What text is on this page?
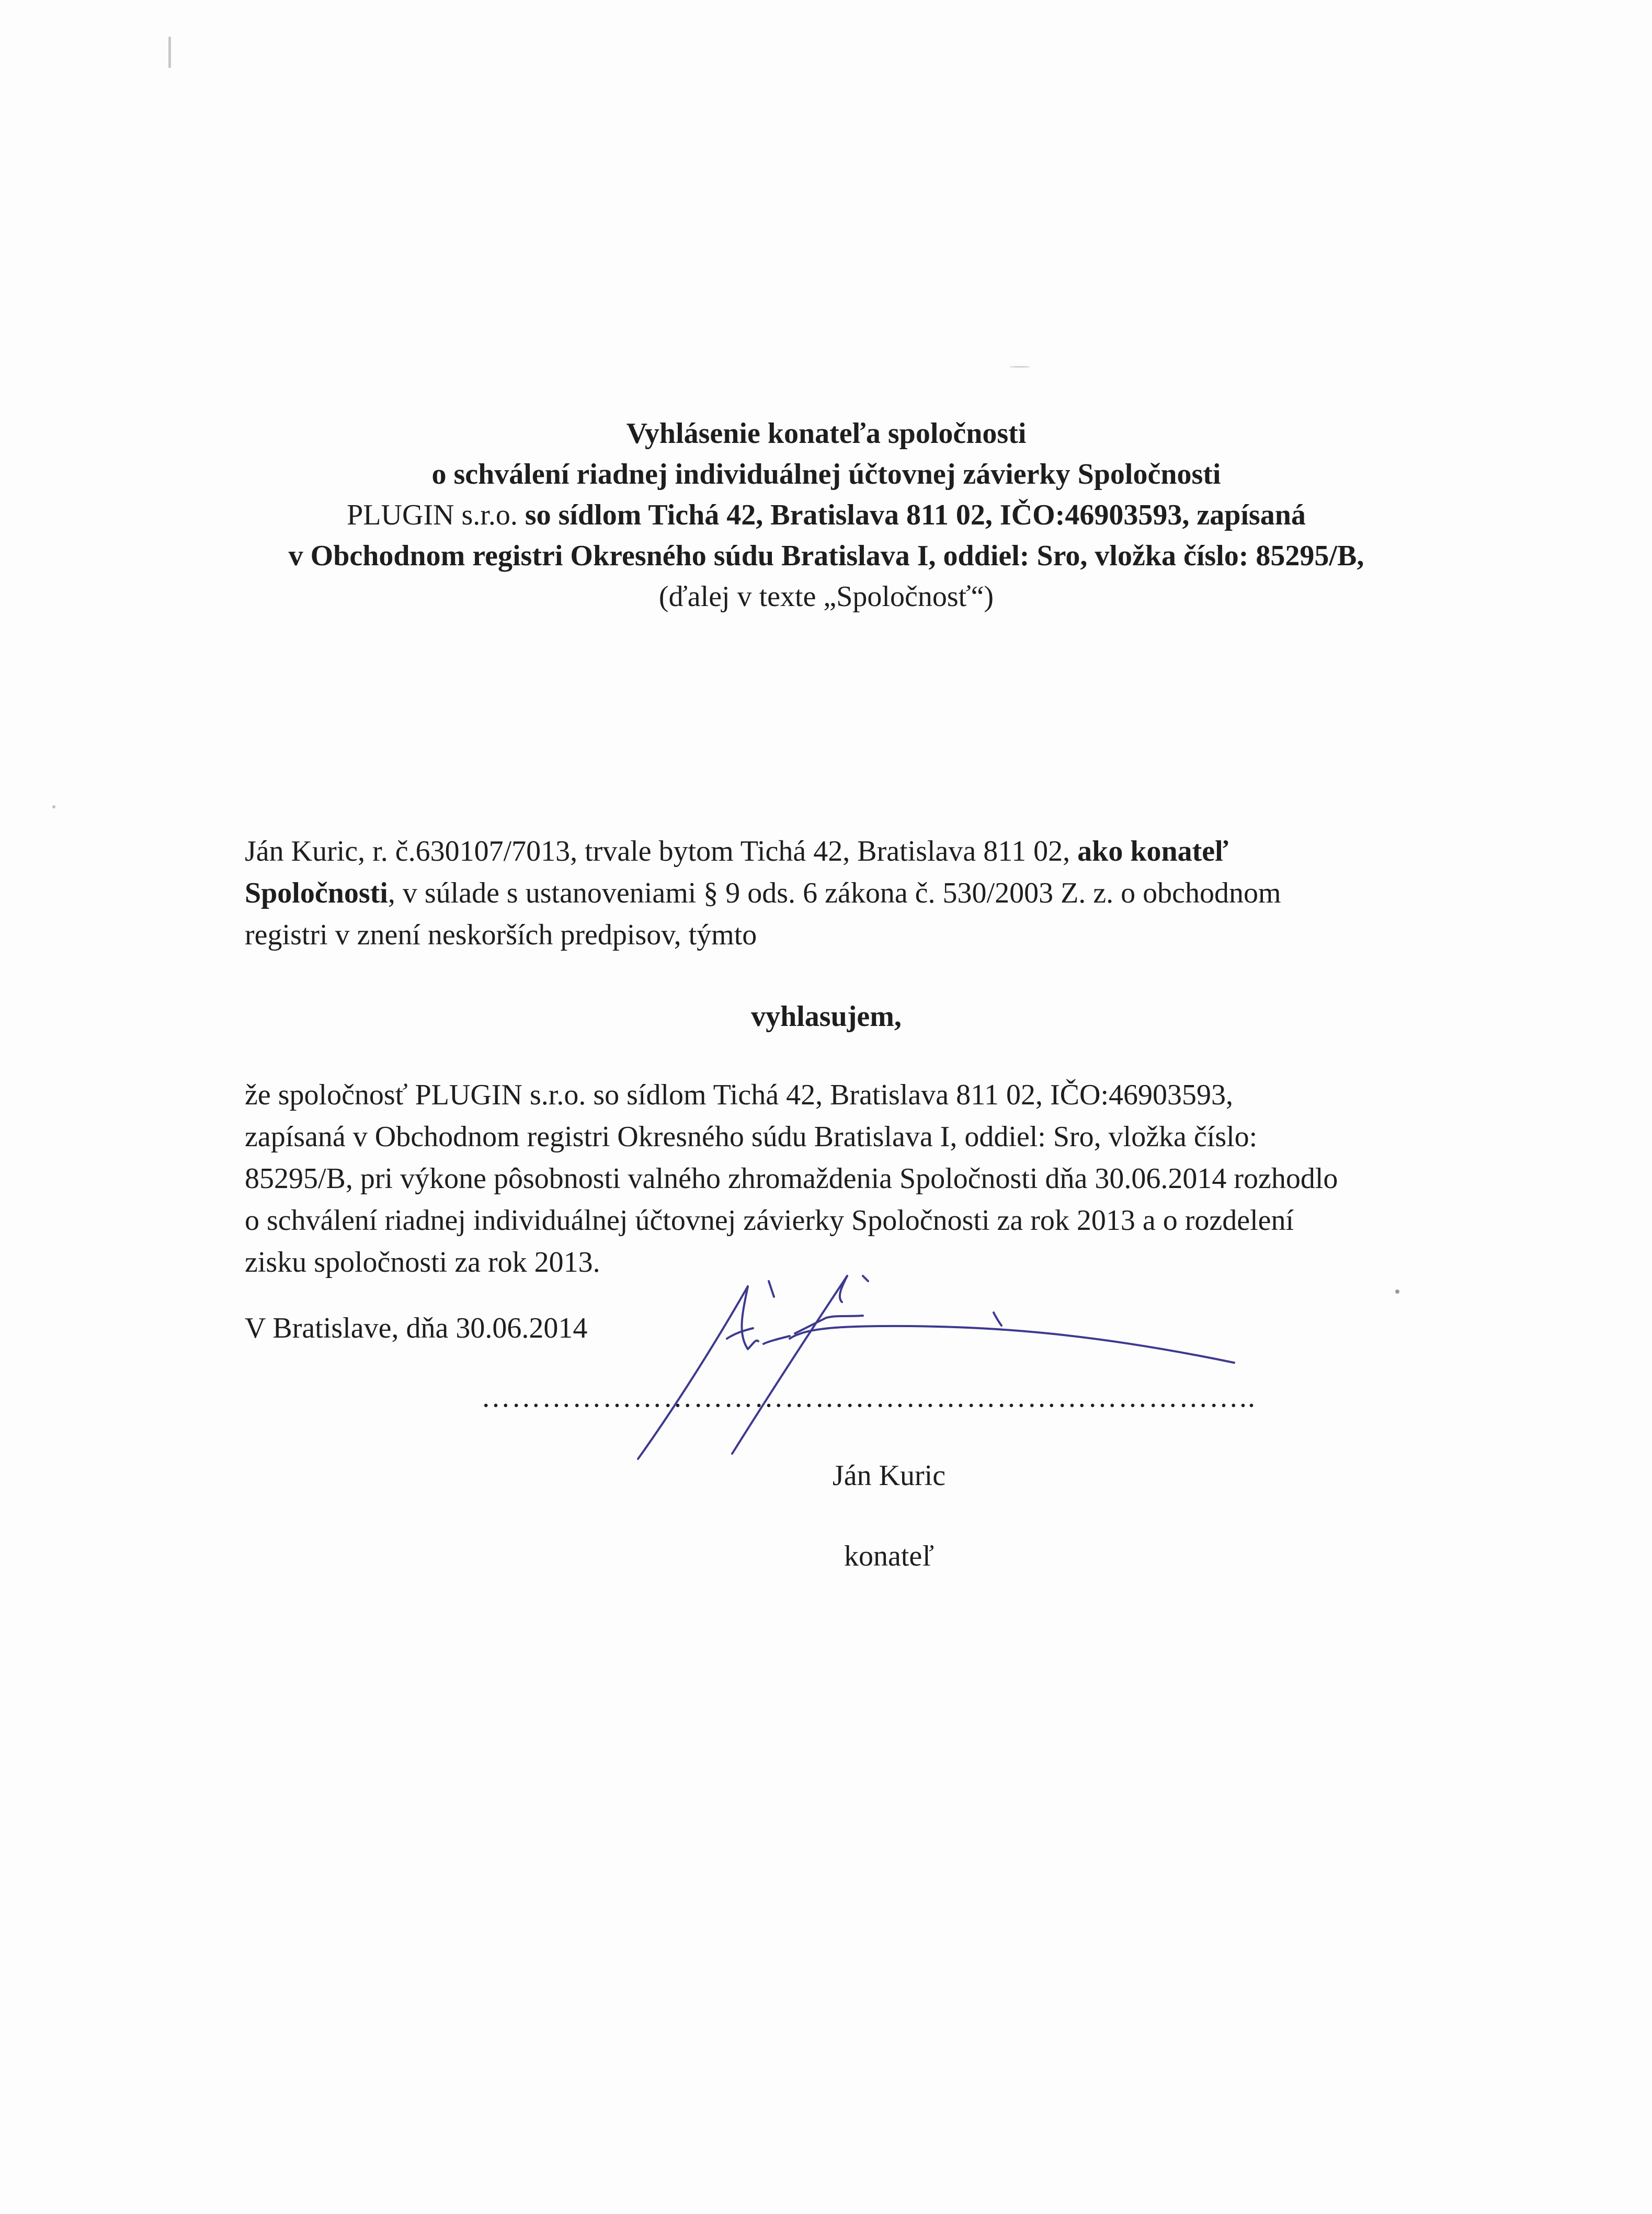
Vyhlásenie konateľa spoločnosti
o schválení riadnej individuálnej účtovnej závierky Spoločnosti
PLUGIN s.r.o. so sídlom Tichá 42, Bratislava 811 02, IČO:46903593, zapísaná
v Obchodnom registri Okresného súdu Bratislava I, oddiel: Sro, vložka číslo: 85295/B,
(ďalej v texte „Spoločnosť“)
Ján Kuric, r. č.630107/7013, trvale bytom Tichá 42, Bratislava 811 02, ako konateľ
Spoločnosti, v súlade s ustanoveniami § 9 ods. 6 zákona č. 530/2003 Z. z. o obchodnom
registri v znení neskorších predpisov, týmto
vyhlasujem,
že spoločnosť PLUGIN s.r.o. so sídlom Tichá 42, Bratislava 811 02, IČO:46903593,
zapísaná v Obchodnom registri Okresného súdu Bratislava I, oddiel: Sro, vložka číslo:
85295/B, pri výkone pôsobnosti valného zhromaždenia Spoločnosti dňa 30.06.2014 rozhodlo
o schválení riadnej individuálnej účtovnej závierky Spoločnosti za rok 2013 a o rozdelení
zisku spoločnosti za rok 2013.
V Bratislave, dňa 30.06.2014
…………………………………………………………………..
Ján Kuric
konateľ
